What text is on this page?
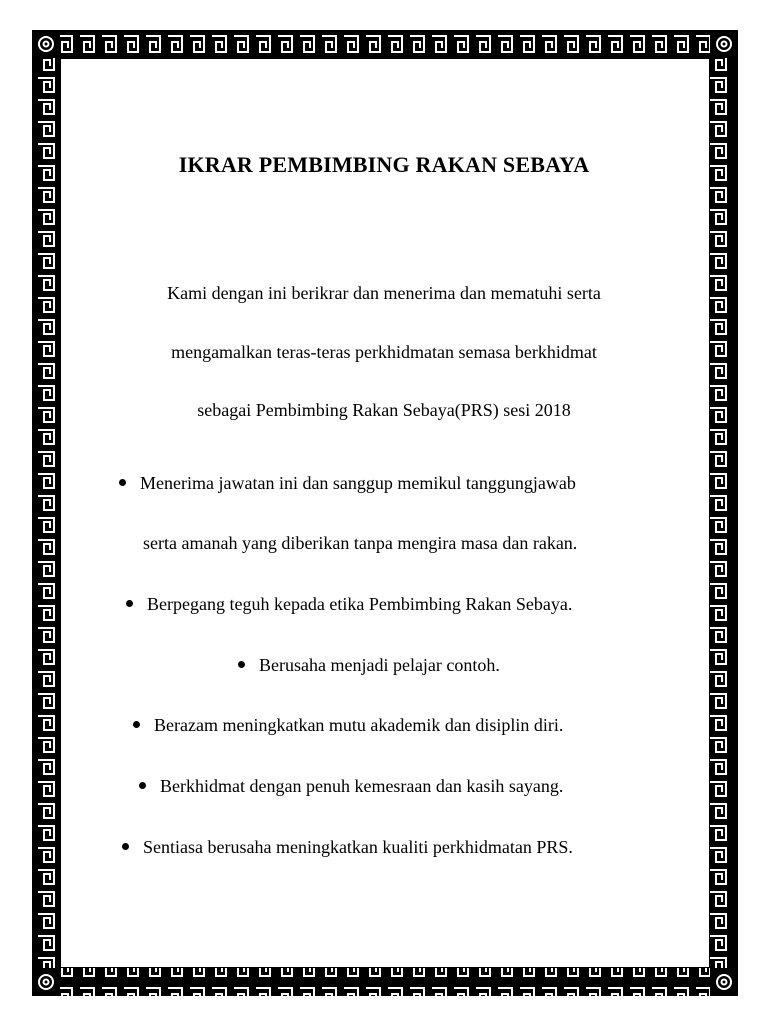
IKRAR PEMBIMBING RAKAN SEBAYA
Kami dengan ini berikrar dan menerima dan mematuhi serta
mengamalkan teras-teras perkhidmatan semasa berkhidmat
sebagai Pembimbing Rakan Sebaya(PRS) sesi 2018
Menerima jawatan ini dan sanggup memikul tanggungjawab
serta amanah yang diberikan tanpa mengira masa dan rakan.
Berpegang teguh kepada etika Pembimbing Rakan Sebaya.
Berusaha menjadi pelajar contoh.
Berazam meningkatkan mutu akademik dan disiplin diri.
Berkhidmat dengan penuh kemesraan dan kasih sayang.
Sentiasa berusaha meningkatkan kualiti perkhidmatan PRS.
